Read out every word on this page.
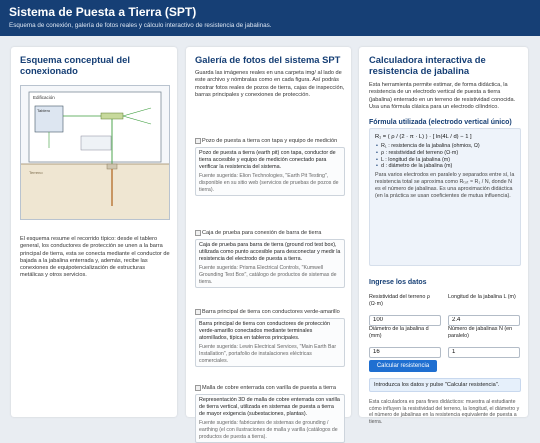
Sistema de Puesta a Tierra (SPT)
Esquema de conexión, galería de fotos reales y cálculo interactivo de resistencia de jabalinas.
Esquema conceptual del conexionado
Edificación
Tablero
Terreno

El esquema resume el recorrido típico: desde el tablero general, los conductores de protección se unen a la barra principal de tierra, esta se conecta mediante el conductor de bajada a la jabalina enterrada y, además, recibe las conexiones de equipotencialización de estructuras metálicas y otros servicios.

Galería de fotos del sistema SPT

Guarda las imágenes reales en una carpeta img/ al lado de este archivo y nómbralas como en cada figura. Así podrás mostrar fotos reales de pozos de tierra, cajas de inspección, barras principales y conexiones de protección.

Pozo de puesta a tierra con tapa y equipo de medición
Pozo de puesta a tierra (earth pit) con tapa, conductor de tierra accesible y equipo de medición conectado para verificar la resistencia del sistema.
Fuente sugerida: Elion Technologies, "Earth Pit Testing", disponible en su sitio web (servicios de pruebas de pozos de tierra).
Caja de prueba para conexión de barra de tierra
Caja de prueba para barra de tierra (ground rod test box), utilizada como punto accesible para desconectar y medir la resistencia del electrodo de puesta a tierra.
Fuente sugerida: Prisma Electrical Controls, "Kumwell Grounding Test Box", catálogo de productos de sistemas de tierra.
Barra principal de tierra con conductores verde-amarillo
Barra principal de tierra con conductores de protección verde-amarillo conectados mediante terminales atornillados, típica en tableros principales.
Fuente sugerida: Lewin Electrical Services, "Main Earth Bar Installation", portafolio de instalaciones eléctricas comerciales.
Malla de cobre enterrada con varilla de puesta a tierra
Representación 3D de malla de cobre enterrada con varilla de tierra vertical, utilizada en sistemas de puesta a tierra de mayor exigencia (subestaciones, plantas).
Fuente sugerida: fabricantes de sistemas de grounding / earthing (el con ilustraciones de malla y varilla (catálogos de productos de puesta a tierra).
Calculadora interactiva de resistencia de jabalina

Esta herramienta permite estimar, de forma didáctica, la resistencia de un electrodo vertical de puesta a tierra (jabalina) enterrado en un terreno de resistividad conocida. Usa una fórmula clásica para un electrodo cilíndrico.

Fórmula utilizada (electrodo vertical único)
R₁ = ( ρ / (2 · π · L) ) · [ ln(4L / d) − 1 ]
• R₁ : resistencia de la jabalina (ohmios, Ω)
• ρ : resistividad del terreno (Ω·m)
• L : longitud de la jabalina (m)
• d : diámetro de la jabalina (m)

Para varios electrodos en paralelo y separados entre sí, la resistencia total se aproxima como Rₜₒₜ ≈ R₁ / N, donde N es el número de jabalinas. Es una aproximación didáctica (en la práctica se usan coeficientes de mutua influencia).

Ingrese los datos
Resistividad del terreno ρ (Ω·m)
100
Longitud de la jabalina L (m)
2.4
Diámetro de la jabalina d (mm)
16
Número de jabalinas N (en paralelo)
1
Calcular resistencia
Introduzca los datos y pulse "Calcular resistencia".

Esta calculadora es para fines didácticos: muestra al estudiante cómo influyen la resistividad del terreno, la longitud, el diámetro y el número de jabalinas en la resistencia equivalente de puesta a tierra.
